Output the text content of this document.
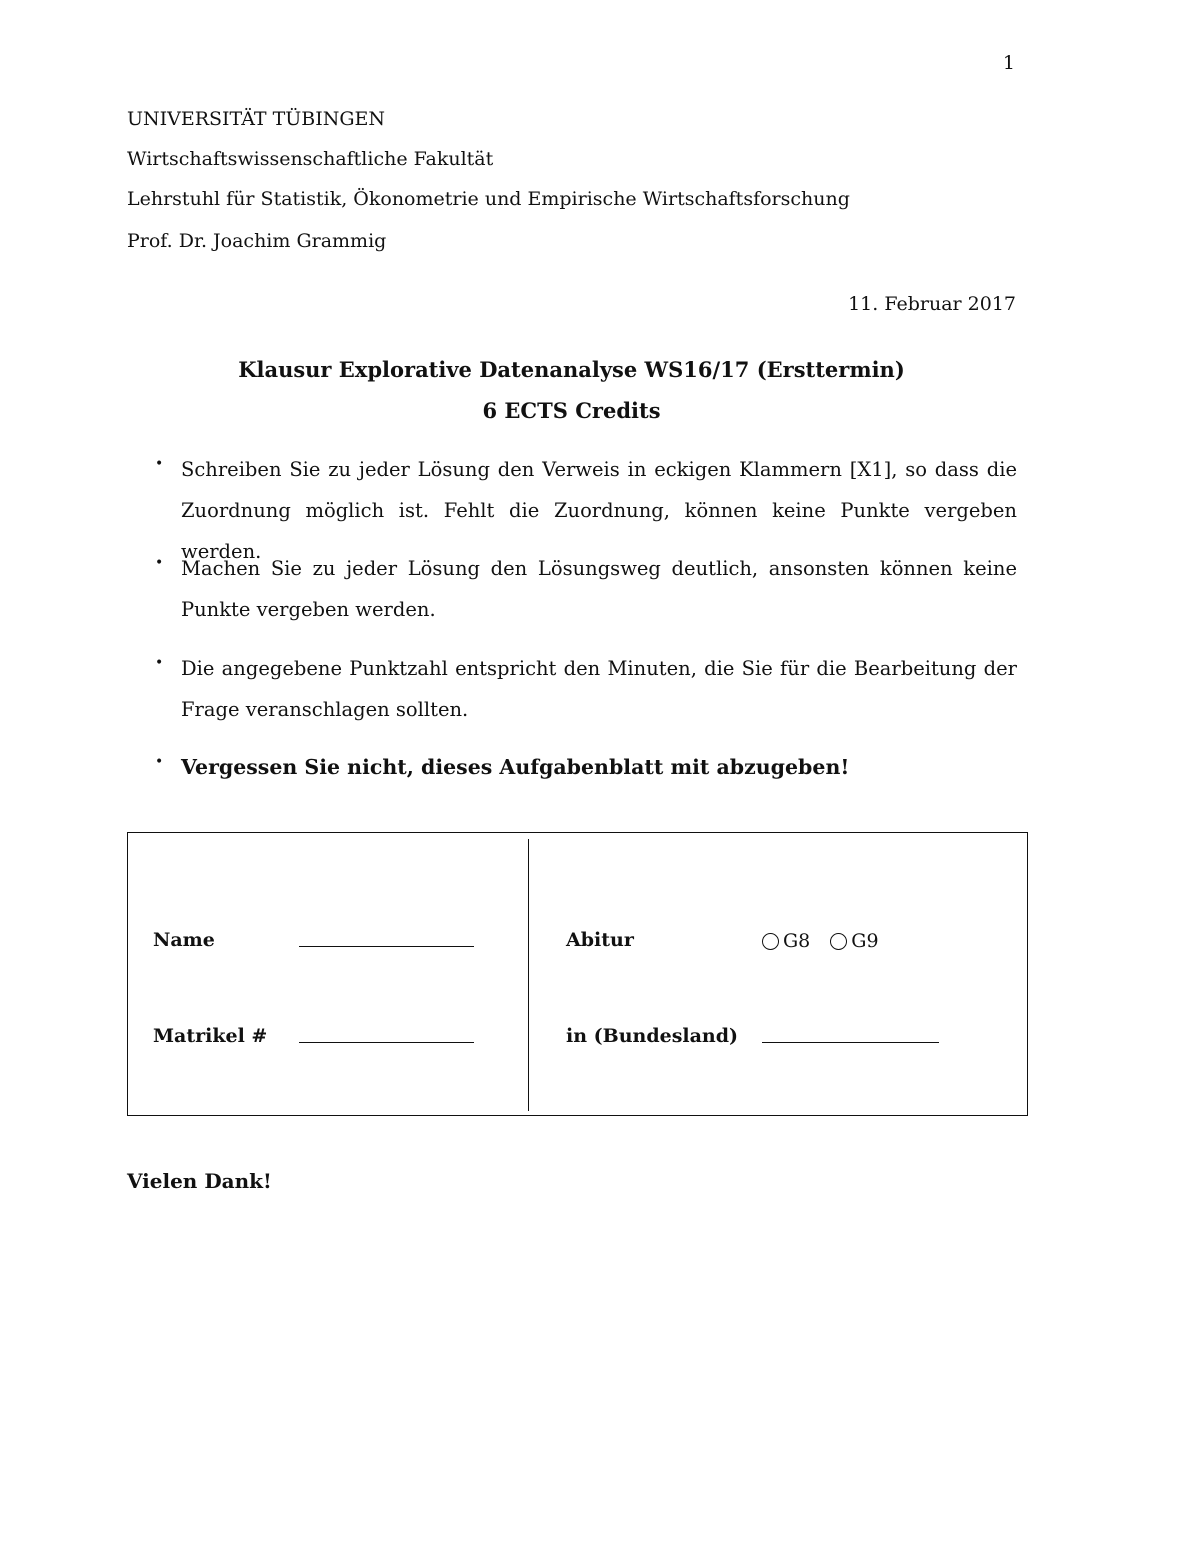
1
UNIVERSITÄT TÜBINGEN
Wirtschaftswissenschaftliche Fakultät
Lehrstuhl für Statistik, Ökonometrie und Empirische Wirtschaftsforschung
Prof. Dr. Joachim Grammig
11. Februar 2017
Klausur Explorative Datenanalyse WS16/17 (Ersttermin)
6 ECTS Credits
• Schreiben Sie zu jeder Lösung den Verweis in eckigen Klammern [X1], so dass die Zuordnung möglich ist. Fehlt die Zuordnung, können keine Punkte vergeben werden.
• Machen Sie zu jeder Lösung den Lösungsweg deutlich, ansonsten können keine Punkte vergeben werden.
• Die angegebene Punktzahl entspricht den Minuten, die Sie für die Bearbeitung der Frage veranschlagen sollten.
• Vergessen Sie nicht, dieses Aufgabenblatt mit abzugeben!
Name
Matrikel #
Abitur	G8 G9
in (Bundesland)
Vielen Dank!
